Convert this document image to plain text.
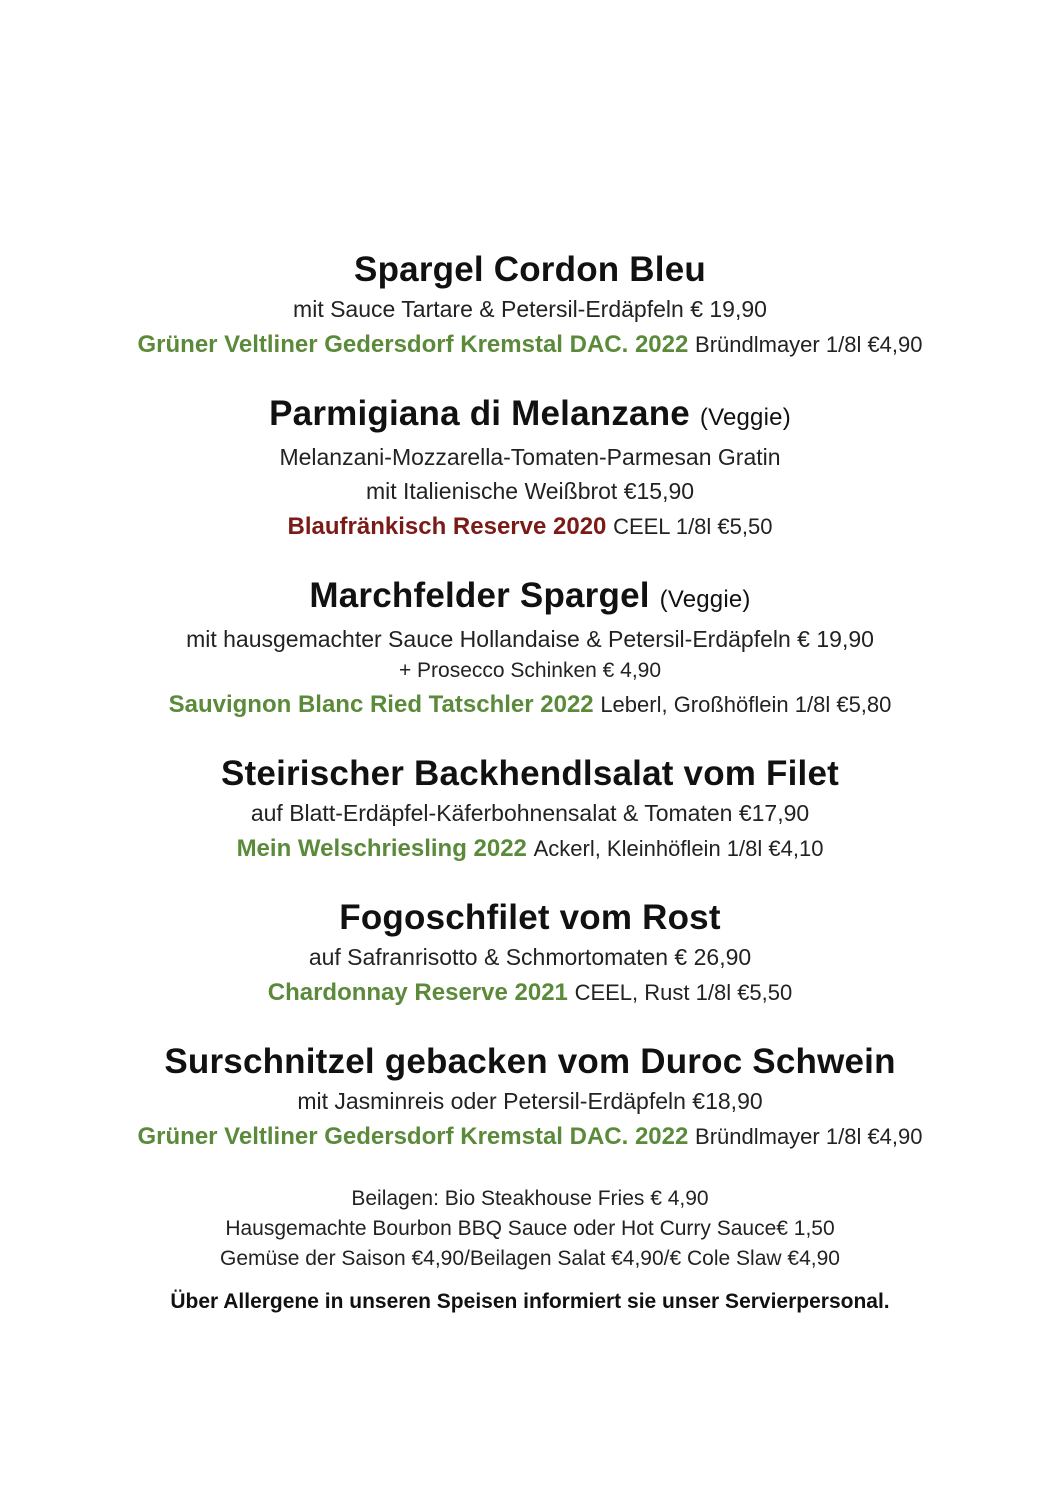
Spargel Cordon Bleu
mit Sauce Tartare & Petersil-Erdäpfeln € 19,90
Grüner Veltliner Gedersdorf Kremstal DAC. 2022 Bründlmayer 1/8l €4,90
Parmigiana di Melanzane (Veggie)
Melanzani-Mozzarella-Tomaten-Parmesan Gratin
mit Italienische Weißbrot €15,90
Blaufränkisch Reserve 2020 CEEL 1/8l €5,50
Marchfelder Spargel (Veggie)
mit hausgemachter Sauce Hollandaise & Petersil-Erdäpfeln € 19,90
+ Prosecco Schinken € 4,90
Sauvignon Blanc Ried Tatschler 2022 Leberl, Großhöflein 1/8l €5,80
Steirischer Backhendlsalat vom Filet
auf Blatt-Erdäpfel-Käferbohnensalat & Tomaten €17,90
Mein Welschriesling 2022 Ackerl, Kleinhöflein 1/8l €4,10
Fogoschfilet vom Rost
auf Safranrisotto & Schmortomaten € 26,90
Chardonnay Reserve 2021 CEEL, Rust 1/8l €5,50
Surschnitzel gebacken vom Duroc Schwein
mit Jasminreis oder Petersil-Erdäpfeln €18,90
Grüner Veltliner Gedersdorf Kremstal DAC. 2022 Bründlmayer 1/8l €4,90
Beilagen: Bio Steakhouse Fries € 4,90
Hausgemachte Bourbon BBQ Sauce oder Hot Curry Sauce€ 1,50
Gemüse der Saison €4,90/Beilagen Salat €4,90/€ Cole Slaw €4,90
Über Allergene in unseren Speisen informiert sie unser Servierpersonal.
